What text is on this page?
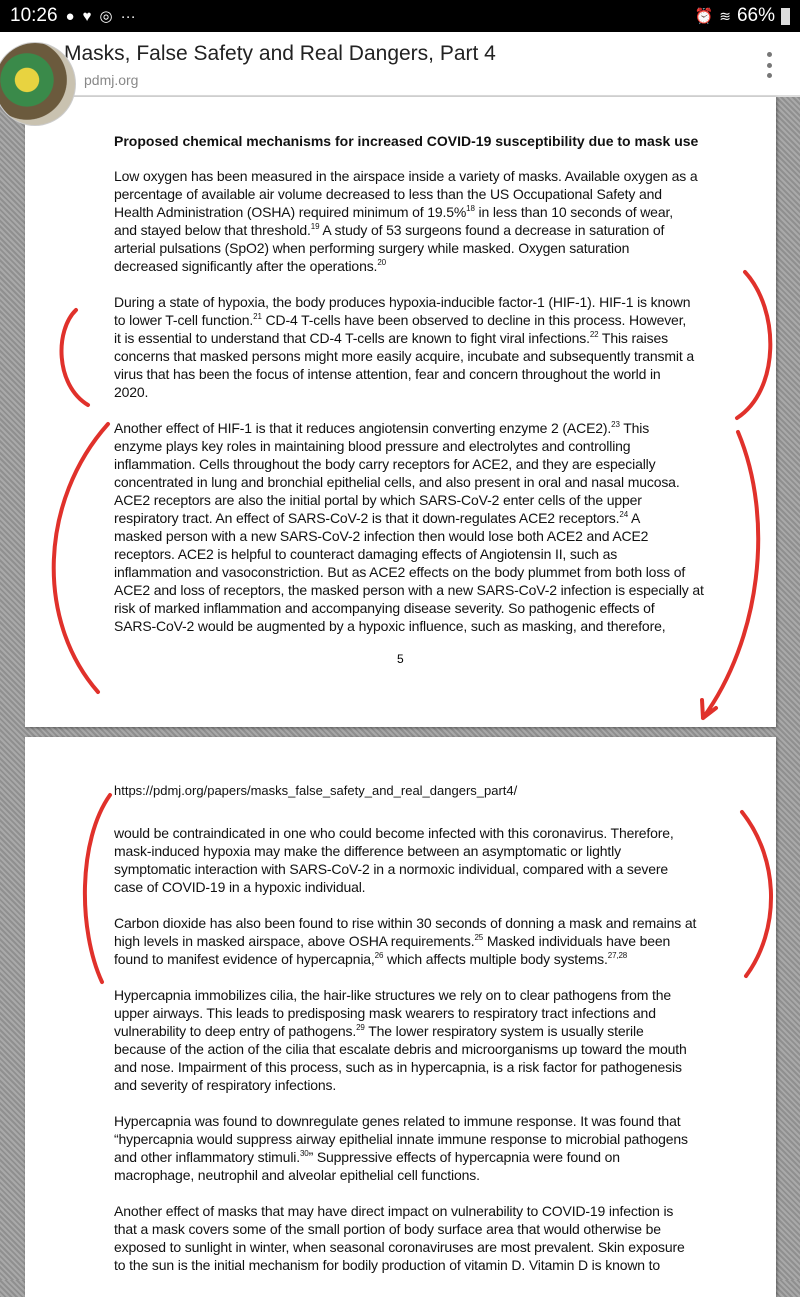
10:26 ● ♥ ◎ ···	⏰ ≋ 66%
Masks, False Safety and Real Dangers, Part 4
pdmj.org
Proposed chemical mechanisms for increased COVID-19 susceptibility due to mask use
5
Low oxygen has been measured in the airspace inside a variety of masks. Available oxygen as a
percentage of available air volume decreased to less than the US Occupational Safety and
Health Administration (OSHA) required minimum of 19.5%$^{18}$ in less than 10 seconds of wear,
and stayed below that threshold.$^{19}$ A study of 53 surgeons found a decrease in saturation of
arterial pulsations (SpO2) when performing surgery while masked. Oxygen saturation
decreased significantly after the operations.$^{20}$
During a state of hypoxia, the body produces hypoxia-inducible factor-1 (HIF-1). HIF-1 is known
to lower T-cell function.$^{21}$ CD-4 T-cells have been observed to decline in this process. However,
it is essential to understand that CD-4 T-cells are known to fight viral infections.$^{22}$ This raises
concerns that masked persons might more easily acquire, incubate and subsequently transmit a
virus that has been the focus of intense attention, fear and concern throughout the world in
2020.
Another effect of HIF-1 is that it reduces angiotensin converting enzyme 2 (ACE2).$^{23}$ This
enzyme plays key roles in maintaining blood pressure and electrolytes and controlling
inflammation. Cells throughout the body carry receptors for ACE2, and they are especially
concentrated in lung and bronchial epithelial cells, and also present in oral and nasal mucosa.
ACE2 receptors are also the initial portal by which SARS-CoV-2 enter cells of the upper
respiratory tract. An effect of SARS-CoV-2 is that it down-regulates ACE2 receptors.$^{24}$ A
masked person with a new SARS-CoV-2 infection then would lose both ACE2 and ACE2
receptors. ACE2 is helpful to counteract damaging effects of Angiotensin II, such as
inflammation and vasoconstriction. But as ACE2 effects on the body plummet from both loss of
ACE2 and loss of receptors, the masked person with a new SARS-CoV-2 infection is especially at
risk of marked inflammation and accompanying disease severity. So pathogenic effects of
SARS-CoV-2 would be augmented by a hypoxic influence, such as masking, and therefore,
https://pdmj.org/papers/masks_false_safety_and_real_dangers_part4/
would be contraindicated in one who could become infected with this coronavirus. Therefore,
mask-induced hypoxia may make the difference between an asymptomatic or lightly
symptomatic interaction with SARS-CoV-2 in a normoxic individual, compared with a severe
case of COVID-19 in a hypoxic individual.
Carbon dioxide has also been found to rise within 30 seconds of donning a mask and remains at
high levels in masked airspace, above OSHA requirements.$^{25}$ Masked individuals have been
found to manifest evidence of hypercapnia,$^{26}$ which affects multiple body systems.$^{27,28}$
Hypercapnia immobilizes cilia, the hair-like structures we rely on to clear pathogens from the
upper airways. This leads to predisposing mask wearers to respiratory tract infections and
vulnerability to deep entry of pathogens.$^{29}$ The lower respiratory system is usually sterile
because of the action of the cilia that escalate debris and microorganisms up toward the mouth
and nose. Impairment of this process, such as in hypercapnia, is a risk factor for pathogenesis
and severity of respiratory infections.
Hypercapnia was found to downregulate genes related to immune response. It was found that
“hypercapnia would suppress airway epithelial innate immune response to microbial pathogens
and other inflammatory stimuli.$^{30}$” Suppressive effects of hypercapnia were found on
macrophage, neutrophil and alveolar epithelial cell functions.
Another effect of masks that may have direct impact on vulnerability to COVID-19 infection is
that a mask covers some of the small portion of body surface area that would otherwise be
exposed to sunlight in winter, when seasonal coronaviruses are most prevalent. Skin exposure
to the sun is the initial mechanism for bodily production of vitamin D. Vitamin D is known to
